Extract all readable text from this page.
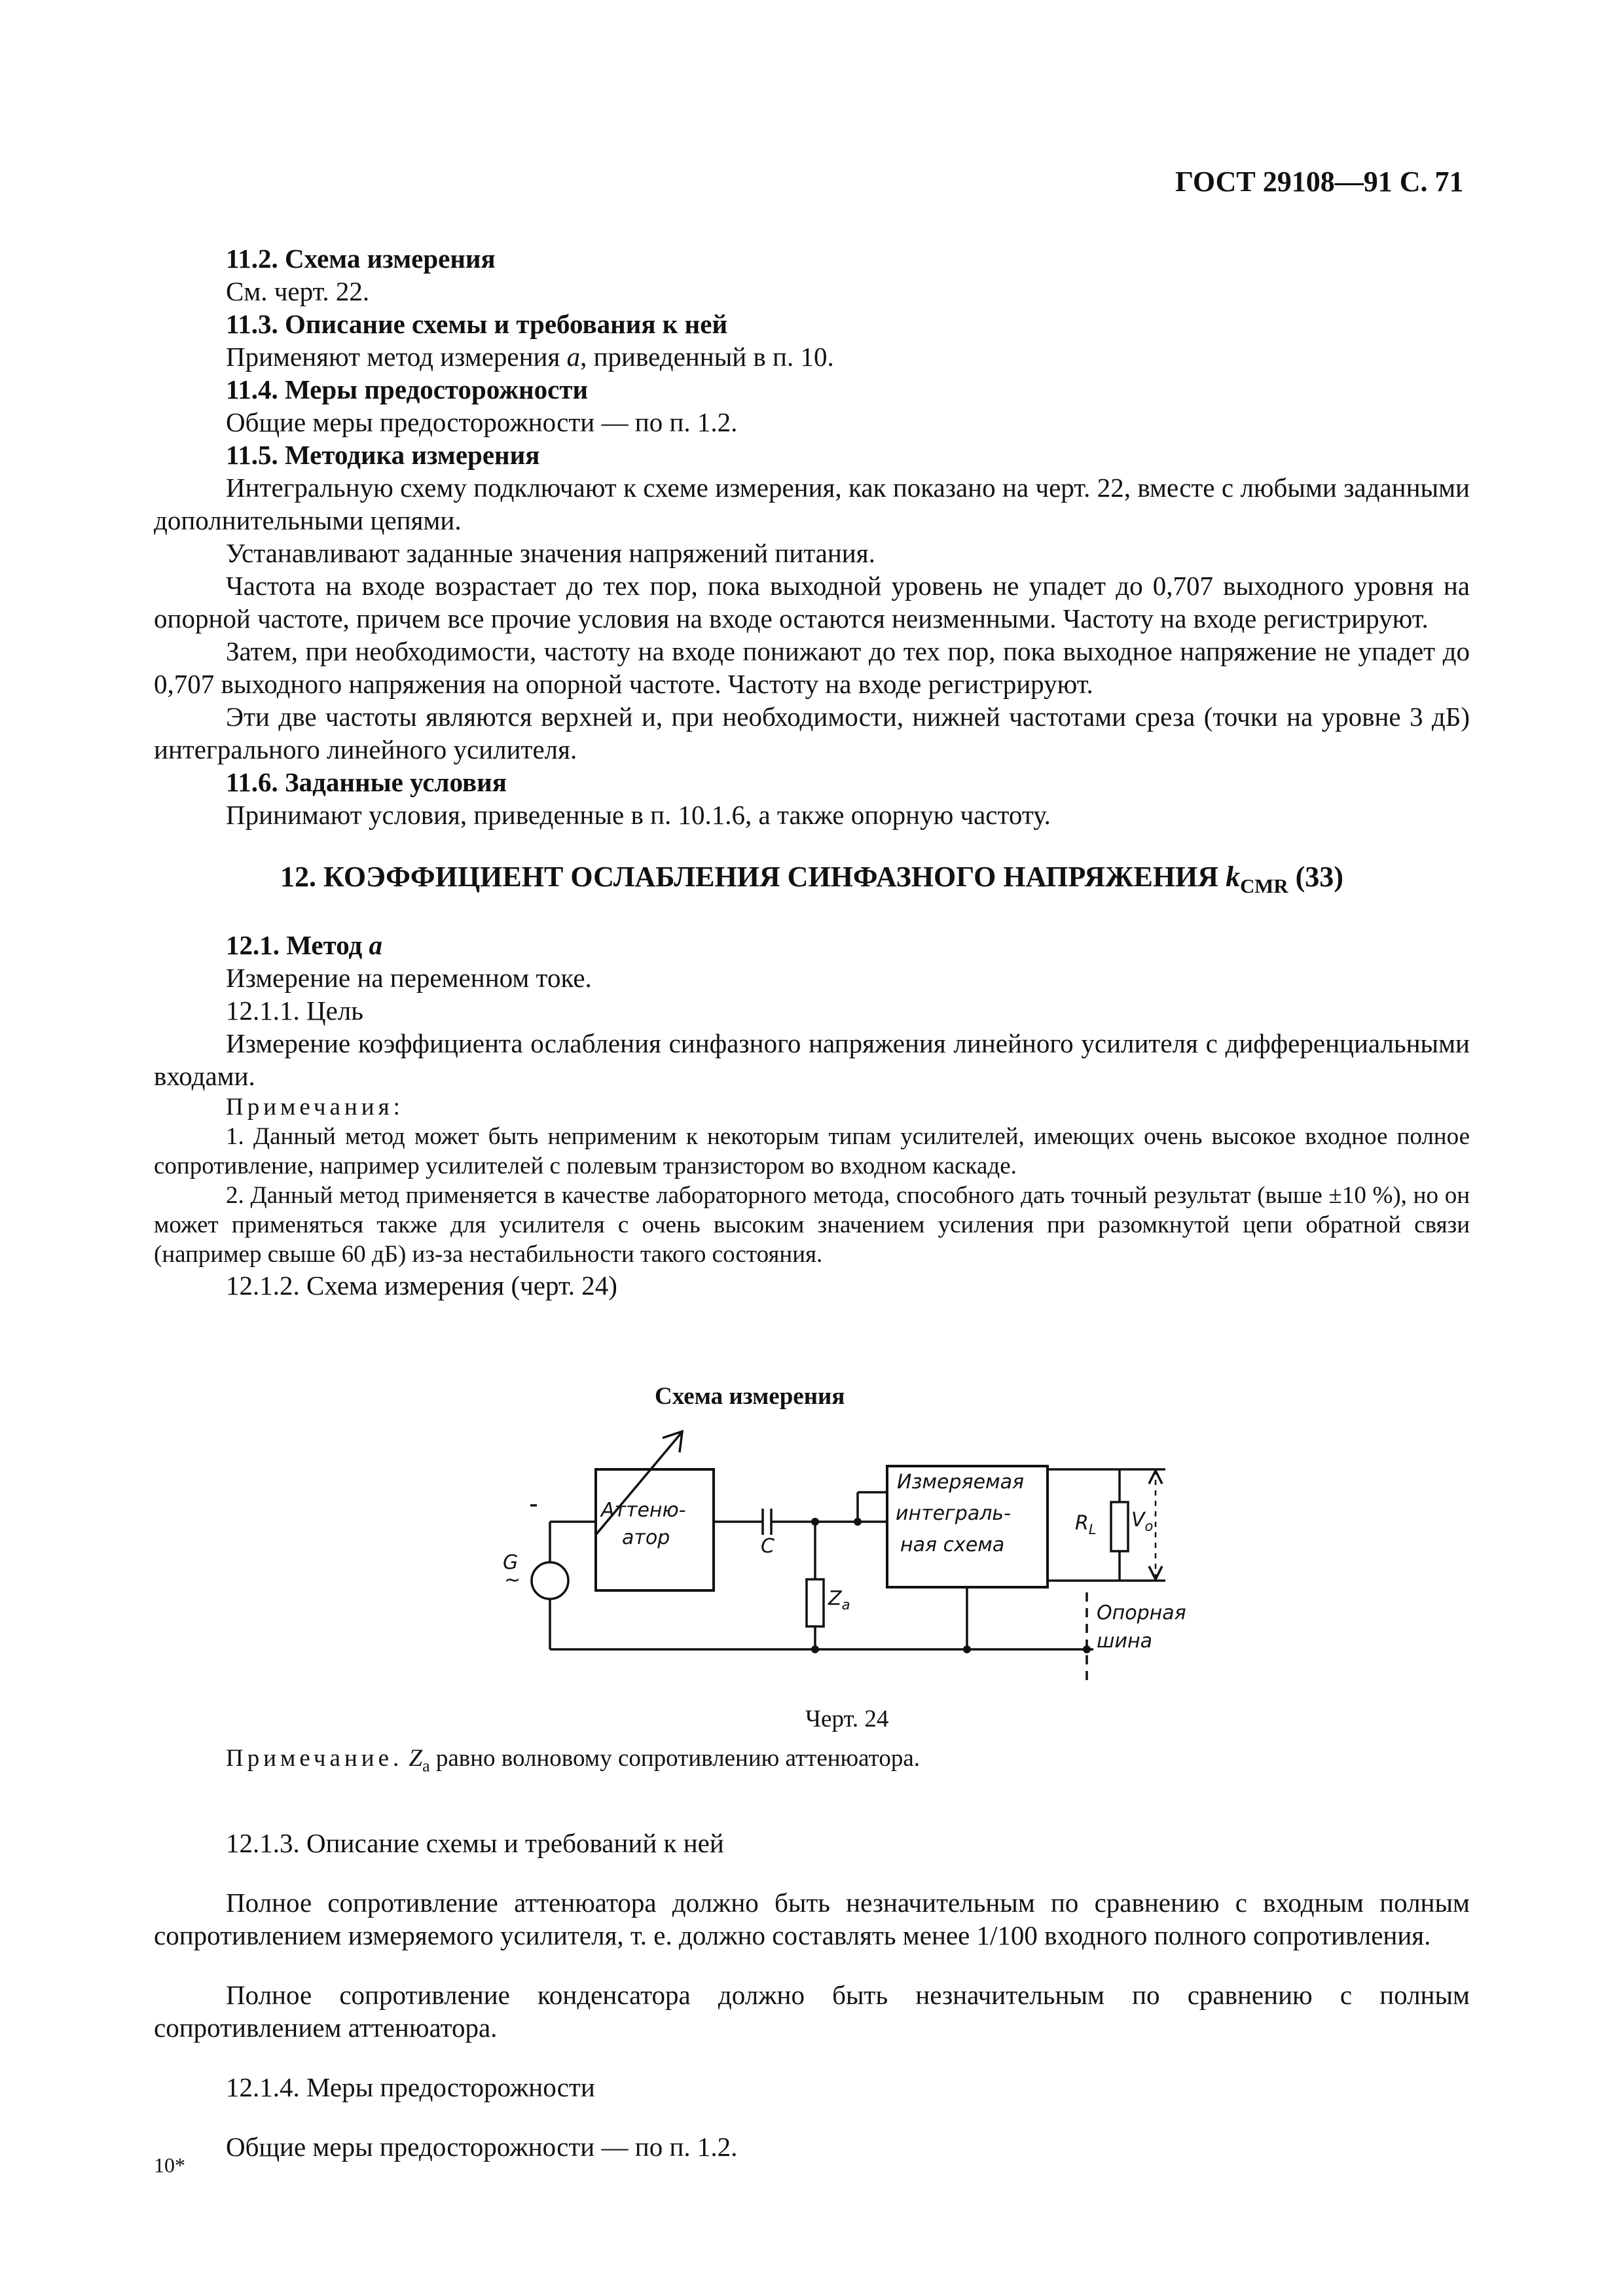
ГОСТ 29108—91 С. 71

11.2. Схема измерения

См. черт. 22.

11.3. Описание схемы и требования к ней

Применяют метод измерения a, приведенный в п. 10.

11.4. Меры предосторожности

Общие меры предосторожности — по п. 1.2.

11.5. Методика измерения

Интегральную схему подключают к схеме измерения, как показано на черт. 22, вместе с любыми заданными дополнительными цепями.

Устанавливают заданные значения напряжений питания.

Частота на входе возрастает до тех пор, пока выходной уровень не упадет до 0,707 выходного уровня на опорной частоте, причем все прочие условия на входе остаются неизменными. Частоту на входе регистрируют.

Затем, при необходимости, частоту на входе понижают до тех пор, пока выходное напряжение не упадет до 0,707 выходного напряжения на опорной частоте. Частоту на входе регистрируют.

Эти две частоты являются верхней и, при необходимости, нижней частотами среза (точки на уровне 3 дБ) интегрального линейного усилителя.

11.6. Заданные условия

Принимают условия, приведенные в п. 10.1.6, а также опорную частоту.

12. КОЭФФИЦИЕНТ ОСЛАБЛЕНИЯ СИНФАЗНОГО НАПРЯЖЕНИЯ $k_{CMR}$ (33)

12.1. Метод a

Измерение на переменном токе.

12.1.1. Цель

Измерение коэффициента ослабления синфазного напряжения линейного усилителя с дифференциальными входами.

Примечания:

1. Данный метод может быть неприменим к некоторым типам усилителей, имеющих очень высокое входное полное сопротивление, например усилителей с полевым транзистором во входном каскаде.

2. Данный метод применяется в качестве лабораторного метода, способного дать точный результат (выше ±10 %), но он может применяться также для усилителя с очень высоким значением усиления при разомкнутой цепи обратной связи (например свыше 60 дБ) из-за нестабильности такого состояния.

12.1.2. Схема измерения (черт. 24)

Схема измерения
G
~
Аттеню-
атор	C
$Z_a$
Измеряемая
интеграль-
ная схема
$R_L$ $V_o$
Опорная
шина
Черт. 24
Примечание. $Z_a$ равно волновому сопротивлению аттенюатора.

12.1.3. Описание схемы и требований к ней

Полное сопротивление аттенюатора должно быть незначительным по сравнению с входным полным сопротивлением измеряемого усилителя, т. е. должно составлять менее 1/100 входного полного сопротивления.

Полное сопротивление конденсатора должно быть незначительным по сравнению с полным сопротивлением аттенюатора.

12.1.4. Меры предосторожности

Общие меры предосторожности — по п. 1.2.

10*
